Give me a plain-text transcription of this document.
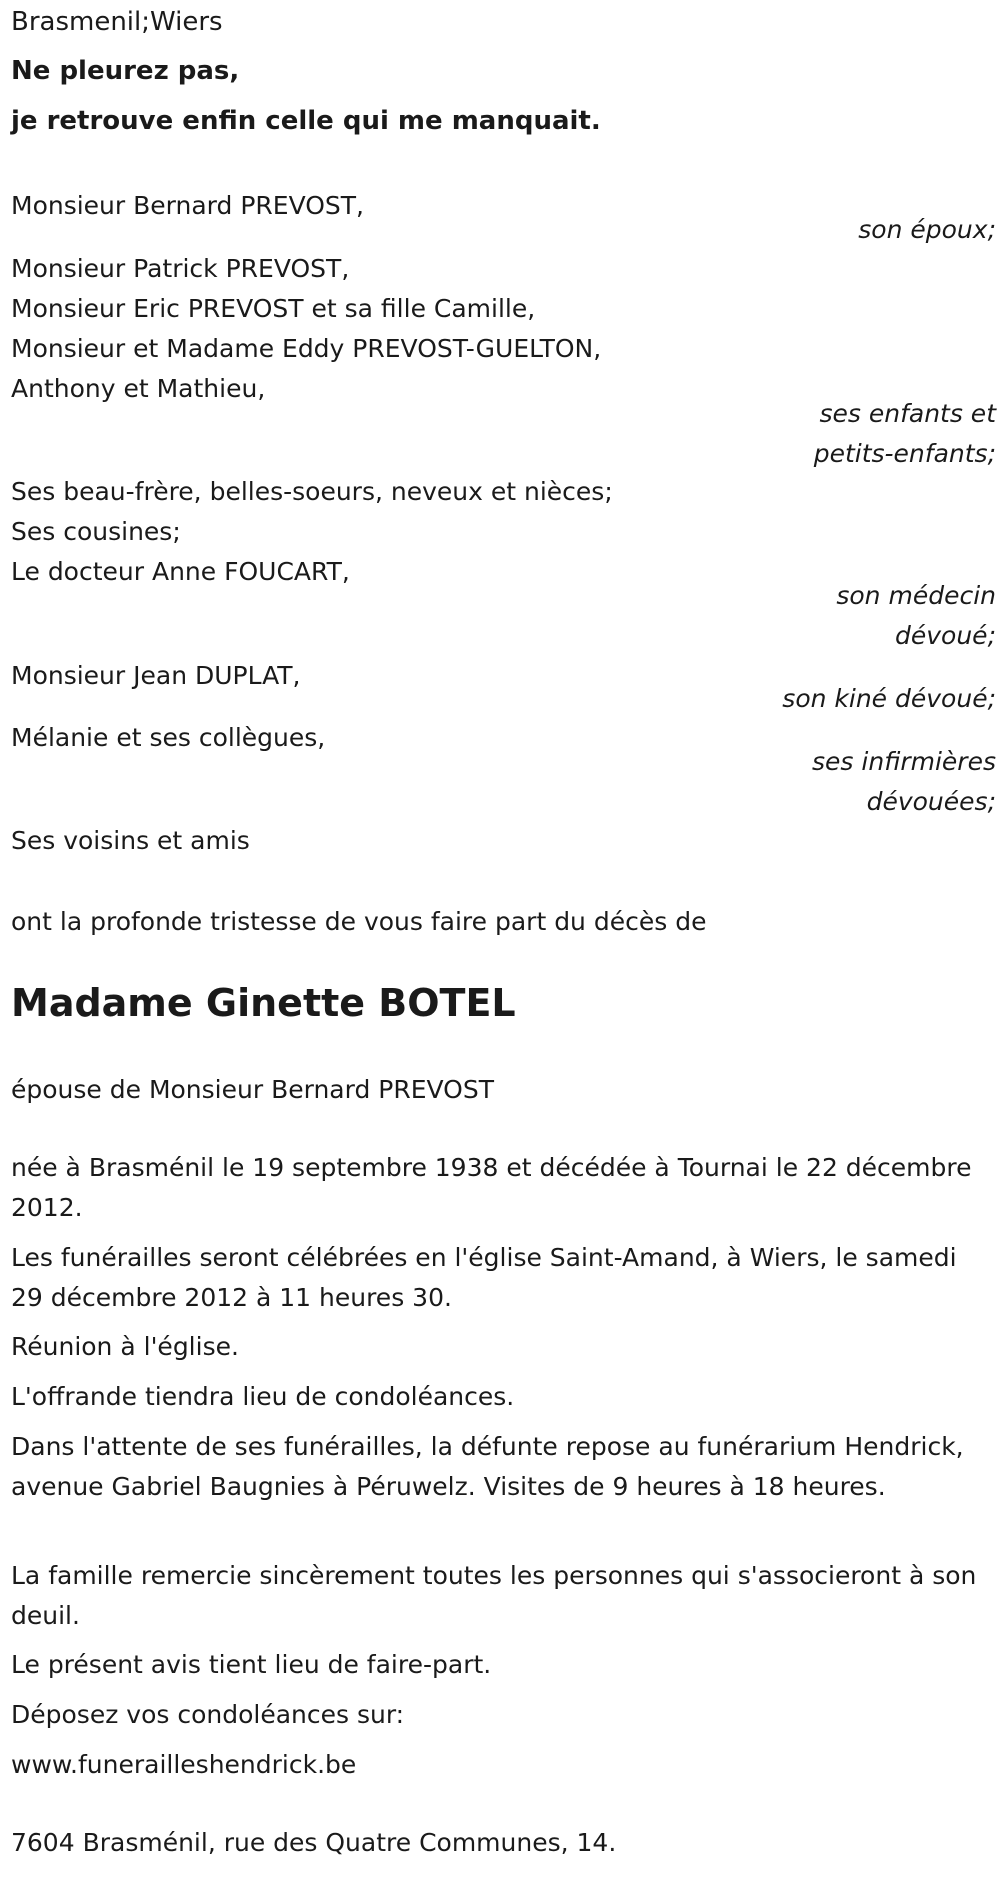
Brasmenil;Wiers
Ne pleurez pas,
je retrouve enfin celle qui me manquait.
Monsieur Bernard PREVOST,
son époux;
Monsieur Patrick PREVOST,
Monsieur Eric PREVOST et sa fille Camille,
Monsieur et Madame Eddy PREVOST-GUELTON,
Anthony et Mathieu,
ses enfants et
petits-enfants;
Ses beau-frère, belles-soeurs, neveux et nièces;
Ses cousines;
Le docteur Anne FOUCART,
son médecin
dévoué;
Monsieur Jean DUPLAT,
son kiné dévoué;
Mélanie et ses collègues,
ses infirmières
dévouées;
Ses voisins et amis
ont la profonde tristesse de vous faire part du décès de
Madame Ginette BOTEL
épouse de Monsieur Bernard PREVOST
née à Brasménil le 19 septembre 1938 et décédée à Tournai le 22 décembre 2012.
Les funérailles seront célébrées en l'église Saint-Amand, à Wiers, le samedi 29 décembre 2012 à 11 heures 30.
Réunion à l'église.
L'offrande tiendra lieu de condoléances.
Dans l'attente de ses funérailles, la défunte repose au funérarium Hendrick, avenue Gabriel Baugnies à Péruwelz. Visites de 9 heures à 18 heures.
La famille remercie sincèrement toutes les personnes qui s'associeront à son deuil.
Le présent avis tient lieu de faire-part.
Déposez vos condoléances sur:
www.funerailleshendrick.be
7604 Brasménil, rue des Quatre Communes, 14.
